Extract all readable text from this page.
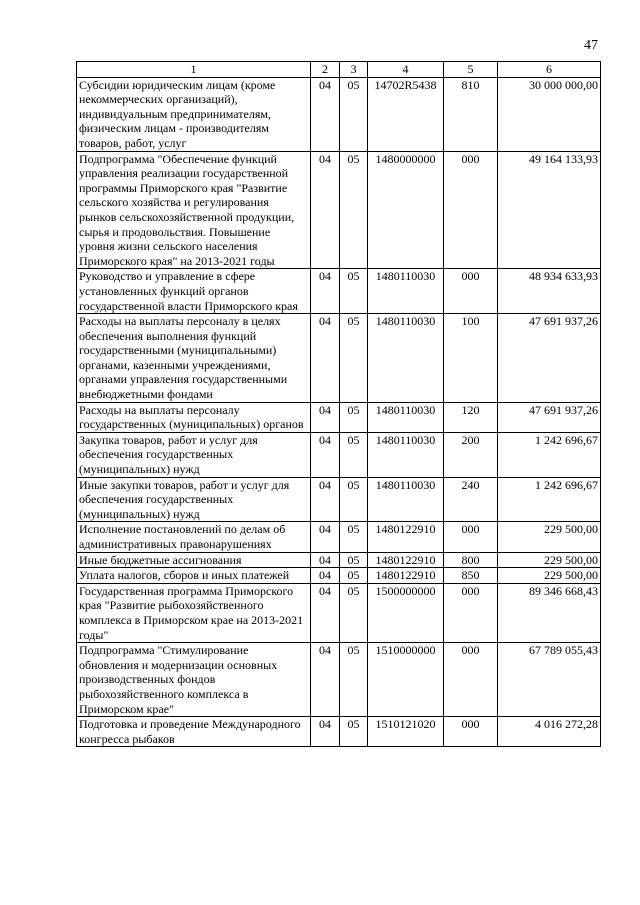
47
1	2	3	4	5	6
Субсидии юридическим лицам (кроме некоммерческих организаций), индивидуальным предпринимателям, физическим лицам - производителям товаров, работ, услуг	04	05	14702R5438	810	30 000 000,00
Подпрограмма "Обеспечение функций управления реализации государственной программы Приморского края "Развитие сельского хозяйства и регулирования рынков сельскохозяйственной продукции, сырья и продовольствия. Повышение уровня жизни сельского населения Приморского края" на 2013-2021 годы	04	05	1480000000	000	49 164 133,93
Руководство и управление в сфере установленных функций органов государственной власти Приморского края	04	05	1480110030	000	48 934 633,93
Расходы на выплаты персоналу в целях обеспечения выполнения функций государственными (муниципальными) органами, казенными учреждениями, органами управления государственными внебюджетными фондами	04	05	1480110030	100	47 691 937,26
Расходы на выплаты персоналу государственных (муниципальных) органов	04	05	1480110030	120	47 691 937,26
Закупка товаров, работ и услуг для обеспечения государственных (муниципальных) нужд	04	05	1480110030	200	1 242 696,67
Иные закупки товаров, работ и услуг для обеспечения государственных (муниципальных) нужд	04	05	1480110030	240	1 242 696,67
Исполнение постановлений по делам об административных правонарушениях	04	05	1480122910	000	229 500,00
Иные бюджетные ассигнования	04	05	1480122910	800	229 500,00
Уплата налогов, сборов и иных платежей	04	05	1480122910	850	229 500,00
Государственная программа Приморского края "Развитие рыбохозяйственного комплекса в Приморском крае на 2013-2021 годы"	04	05	1500000000	000	89 346 668,43
Подпрограмма "Стимулирование обновления и модернизации основных производственных фондов рыбохозяйственного комплекса в Приморском крае"	04	05	1510000000	000	67 789 055,43
Подготовка и проведение Международного конгресса рыбаков	04	05	1510121020	000	4 016 272,28
